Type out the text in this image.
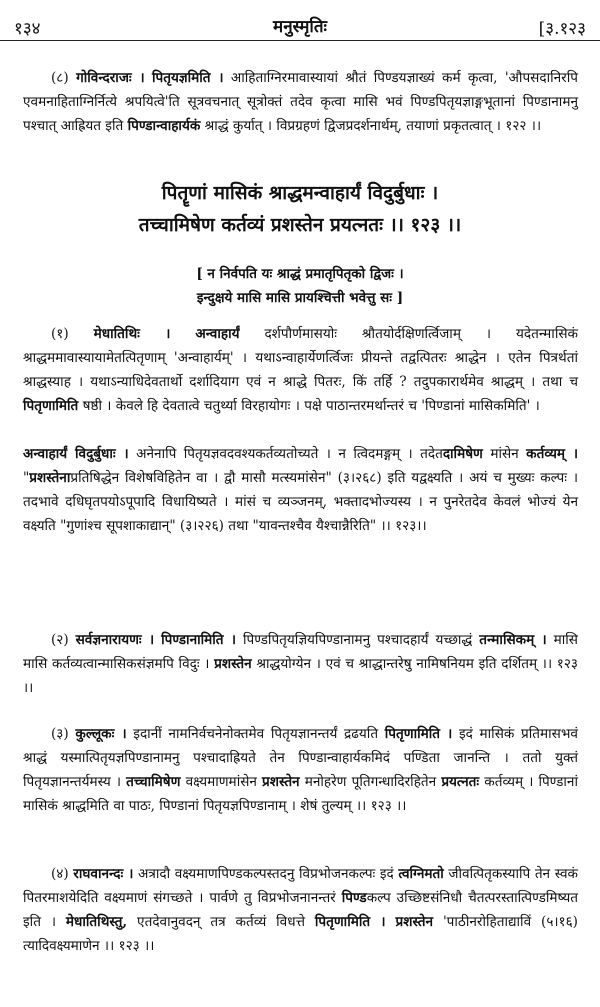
१३४	मनुस्मृतिः	[३.१२३
(८) गोविन्दराजः । पितृयज्ञमिति । आहिताग्निरमावास्यायां श्रौतं पिण्डयज्ञाख्यं कर्म कृत्वा, 'औपसदानिरपि एवमनाहिताग्निर्नित्ये श्रपयित्वे'ति सूत्रवचनात् सूत्रोक्तं तदेव कृत्वा मासि भवं पिण्डपितृयज्ञाङ्गभूतानां पिण्डानामनु पश्चात् आह्रियत इति पिण्डान्वाहार्यकं श्राद्धं कुर्यात् । विप्रग्रहणं द्विजप्रदर्शनार्थम्, तयाणां प्रकृतत्वात् । १२२ ।।
पितॄणां मासिकं श्राद्धमन्वाहार्यं विदुर्बुधाः ।
तच्चामिषेण कर्तव्यं प्रशस्तेन प्रयत्नतः ।। १२३ ।।
[ न निर्वपति यः श्राद्धं प्रमातृपितृको द्विजः ।
इन्दुक्षये मासि मासि प्रायश्चित्ती भवेत्तु सः ]
(१) मेधातिथिः । अन्वाहार्यं दर्शपौर्णमासयोः श्रौतयोर्दक्षिणर्त्विजाम् । यदेतन्मासिकं श्राद्धममावास्यायामेतत्पितृणाम् 'अन्वाहार्यम्' । यथाऽन्वाहार्येणर्त्विजः प्रीयन्ते तद्वत्पितरः श्राद्धेन । एतेन पित्रर्थतां श्राद्धस्याह । यथाऽन्याधिदेवतार्थो दर्शादियाग एवं न श्राद्धे पितरः, किं तर्हि ? तदुपकारार्थमेव श्राद्धम् । तथा च पितृणामिति षष्ठी । केवले हि देवतात्वे चतुर्थ्या विरहायोगः । पक्षे पाठान्तरमर्थान्तरं च 'पिण्डानां मासिकमिति' ।
अन्वाहार्यं विदुर्बुधाः । अनेनापि पितृयज्ञवदवश्यकर्तव्यतोच्यते । न त्विदमङ्गम् । तदेतदामिषेण मांसेन कर्तव्यम् । "प्रशस्तेनाप्रतिषिद्धेन विशेषविहितेन वा । द्वौ मासौ मत्स्यमांसेन" (३।२६८) इति यद्वक्ष्यति । अयं च मुख्यः कल्पः । तदभावे दधिघृतपयोऽपूपादि विधायिष्यते । मांसं च व्यञ्जनम्, भक्तादभोज्यस्य । न पुनरेतदेव केवलं भोज्यं येन वक्ष्यति "गुणांश्च सूपशाकाद्यान्" (३।२२६) तथा "यावन्तश्चैव यैश्चान्नैरिति" ।। १२३।।
(२) सर्वज्ञनारायणः । पिण्डानामिति । पिण्डपितृयज्ञियपिण्डानामनु पश्चादहार्यं यच्छाद्धं तन्मासिकम् । मासि मासि कर्तव्यत्वान्मासिकसंज्ञमपि विदुः । प्रशस्तेन श्राद्धयोग्येन । एवं च श्राद्धान्तरेषु नामिषनियम इति दर्शितम् ।। १२३ ।।
(३) कुल्लूकः । इदानीं नामनिर्वचनेनोक्तमेव पितृयज्ञानन्तर्यं द्रढयति पितृणामिति । इदं मासिकं प्रतिमासभवं श्राद्धं यस्मात्पितृयज्ञपिण्डानामनु पश्चादाह्रियते तेन पिण्डान्वाहार्यकमिदं पण्डिता जानन्ति । ततो युक्तं पितृयज्ञानन्तर्यमस्य । तच्चामिषेण वक्ष्यमाणमांसेन प्रशस्तेन मनोहरेण पूतिगन्धादिरहितेन प्रयत्नतः कर्तव्यम् । पिण्डानां मासिकं श्राद्धमिति वा पाठः, पिण्डानां पितृयज्ञपिण्डानाम् । शेषं तुल्यम् ।। १२३ ।।
(४) राघवानन्दः । अत्रादौ वक्ष्यमाणपिण्डकल्पस्तदनु विप्रभोजनकल्पः इदं त्वग्निमतो जीवत्पितृकस्यापि तेन स्वकं पितरमाशयेदिति वक्ष्यमाणं संगच्छते । पार्वणे तु विप्रभोजनानन्तरं पिण्डकल्प उच्छिष्टसंनिधौ चैतत्परस्तात्पिण्डमिष्यत इति । मेधातिथिस्तु, एतदेवानुवदन् तत्र कर्तव्यं विधत्ते पितृणामिति । प्रशस्तेन 'पाठीनरोहिताद्याविं (५।१६) त्यादिवक्ष्यमाणेन ।। १२३ ।।
